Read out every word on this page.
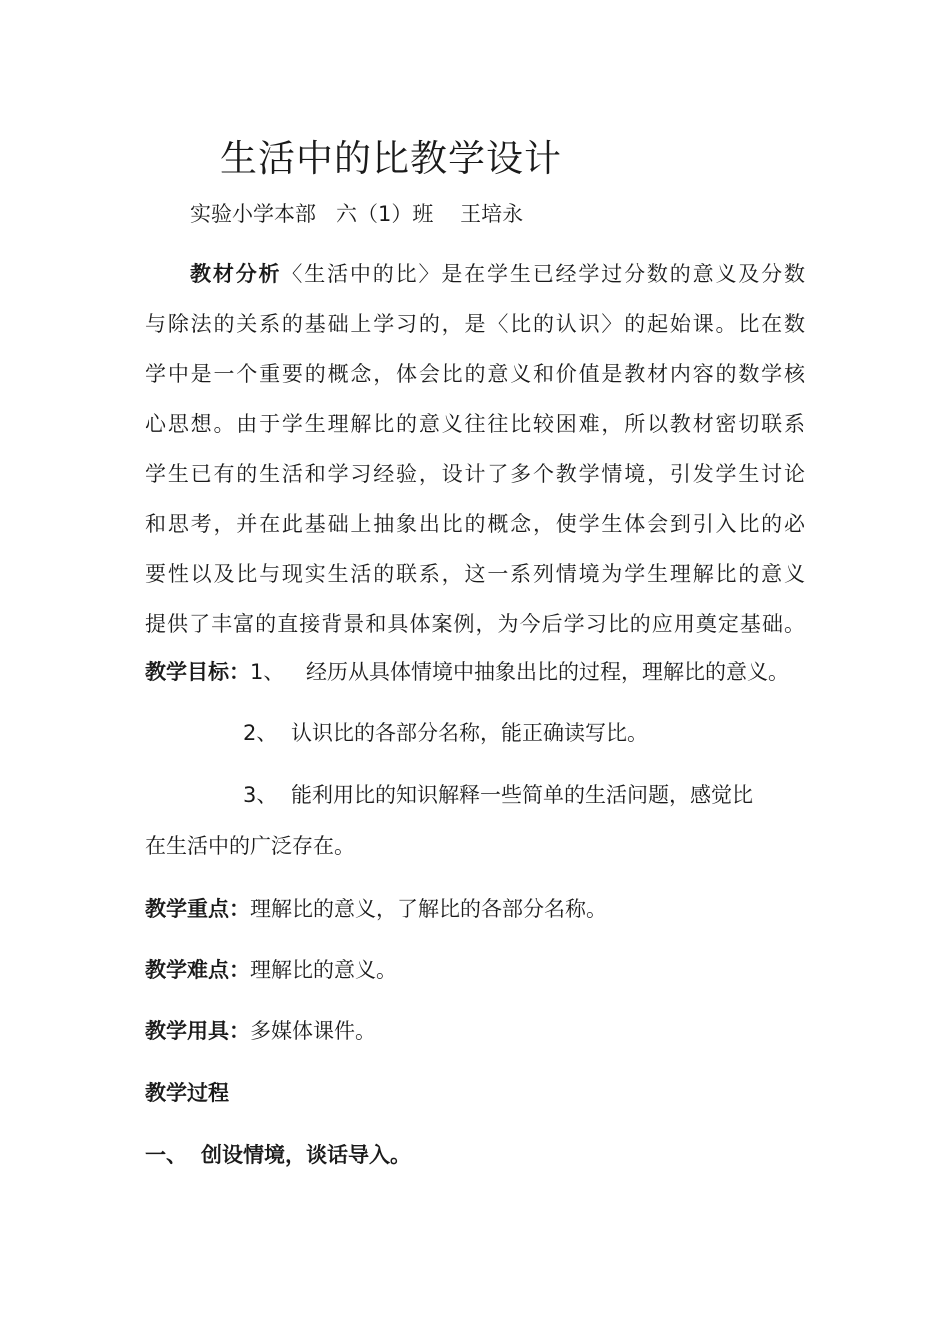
生活中的比教学设计
实验小学本部   六（1）班    王培永
教材分析〈生活中的比〉是在学生已经学过分数的意义及分数
与除法的关系的基础上学习的，是〈比的认识〉的起始课。比在数
学中是一个重要的概念，体会比的意义和价值是教材内容的数学核
心思想。由于学生理解比的意义往往比较困难，所以教材密切联系
学生已有的生活和学习经验，设计了多个教学情境，引发学生讨论
和思考，并在此基础上抽象出比的概念，使学生体会到引入比的必
要性以及比与现实生活的联系，这一系列情境为学生理解比的意义
提供了丰富的直接背景和具体案例，为今后学习比的应用奠定基础。
教学目标：1、 经历从具体情境中抽象出比的过程，理解比的意义。
2、 认识比的各部分名称，能正确读写比。
3、 能利用比的知识解释一些简单的生活问题，感觉比
在生活中的广泛存在。
教学重点：理解比的意义，了解比的各部分名称。
教学难点：理解比的意义。
教学用具：多媒体课件。
教学过程
一、 创设情境，谈话导入。
